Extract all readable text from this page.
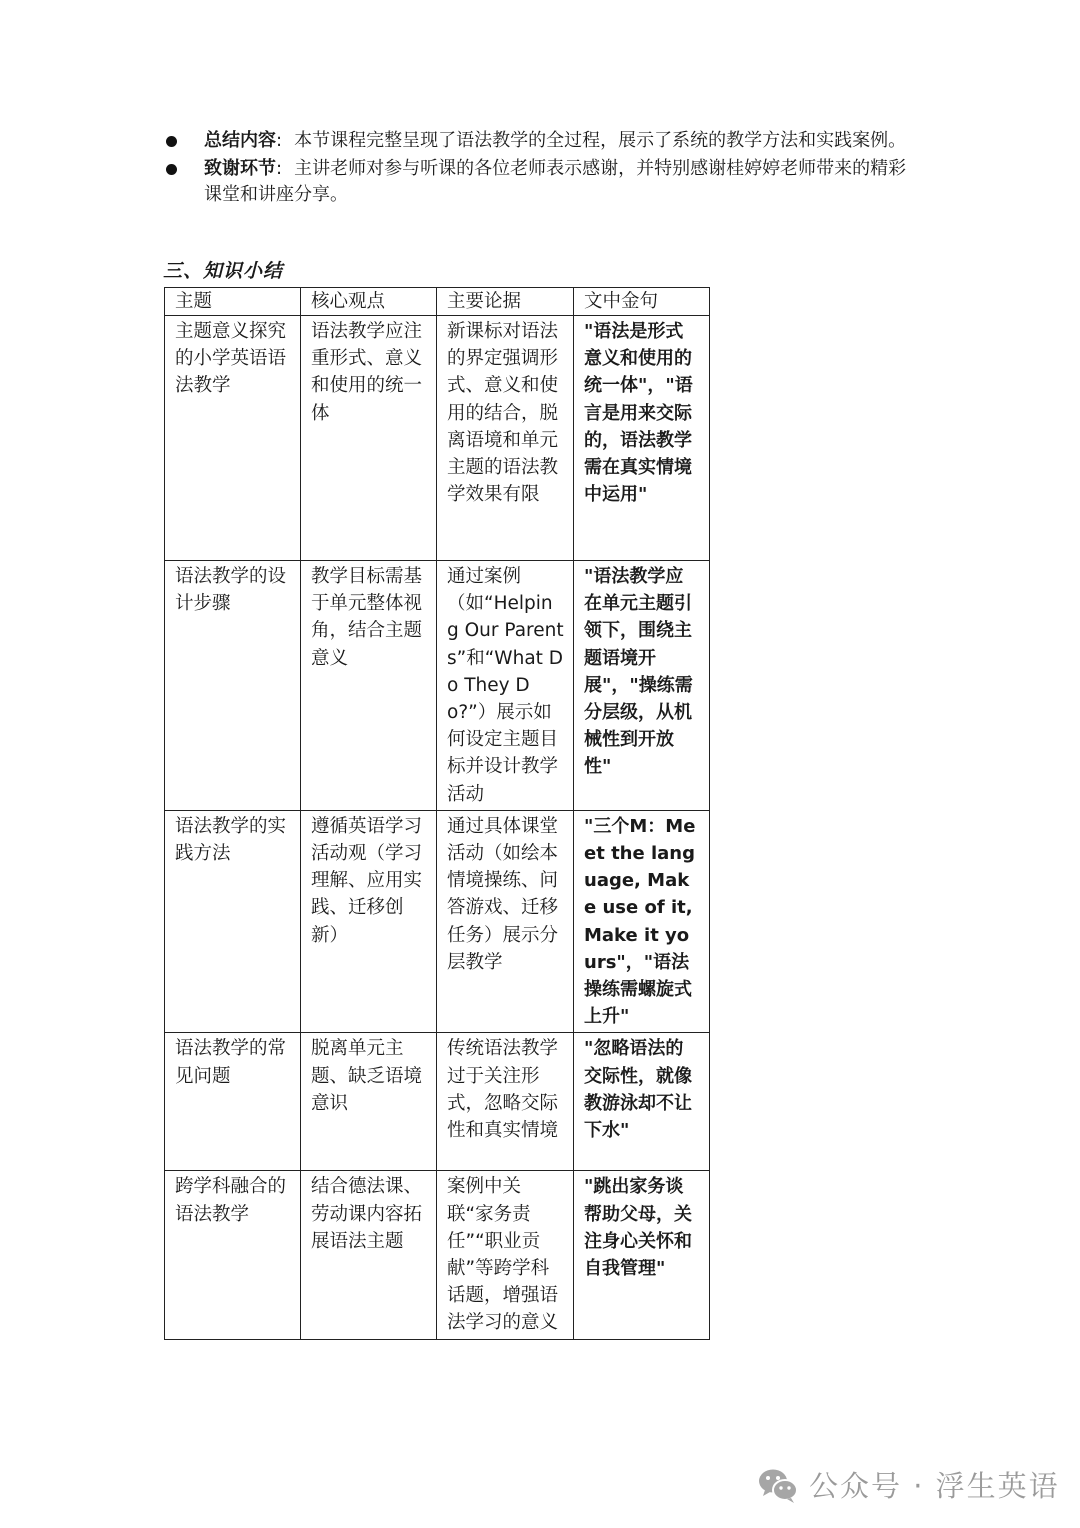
总结内容: 本节课程完整呈现了语法教学的全过程，展示了系统的教学方法和实践案例。
致谢环节: 主讲老师对参与听课的各位老师表示感谢，并特别感谢桂婷婷老师带来的精彩课堂和讲座分享。
三、知识小结
主题	核心观点	主要论据	文中金句
主题意义探究的小学英语语法教学	语法教学应注重形式、意义和使用的统一体	新课标对语法的界定强调形式、意义和使用的结合，脱离语境和单元主题的语法教学效果有限	"语法是形式意义和使用的统一体"，"语言是用来交际的，语法教学需在真实情境中运用"
语法教学的设计步骤	教学目标需基于单元整体视角，结合主题意义	通过案例（如“Helping Our Parents”和“What Do They Do?”）展示如何设定主题目标并设计教学活动	"语法教学应在单元主题引领下，围绕主题语境开展"，"操练需分层级，从机械性到开放性"
语法教学的实践方法	遵循英语学习活动观（学习理解、应用实践、迁移创新）	通过具体课堂活动（如绘本情境操练、问答游戏、迁移任务）展示分层教学	"三个M：Meet the language, Make use of it, Make it yours"，"语法操练需螺旋式上升"
语法教学的常见问题	脱离单元主题、缺乏语境意识	传统语法教学过于关注形式，忽略交际性和真实情境	"忽略语法的交际性，就像教游泳却不让下水"
跨学科融合的语法教学	结合德法课、劳动课内容拓展语法主题	案例中关联“家务责任”“职业贡献”等跨学科话题，增强语法学习的意义	"跳出家务谈帮助父母，关注身心关怀和自我管理"
公众号 · 浮生英语
